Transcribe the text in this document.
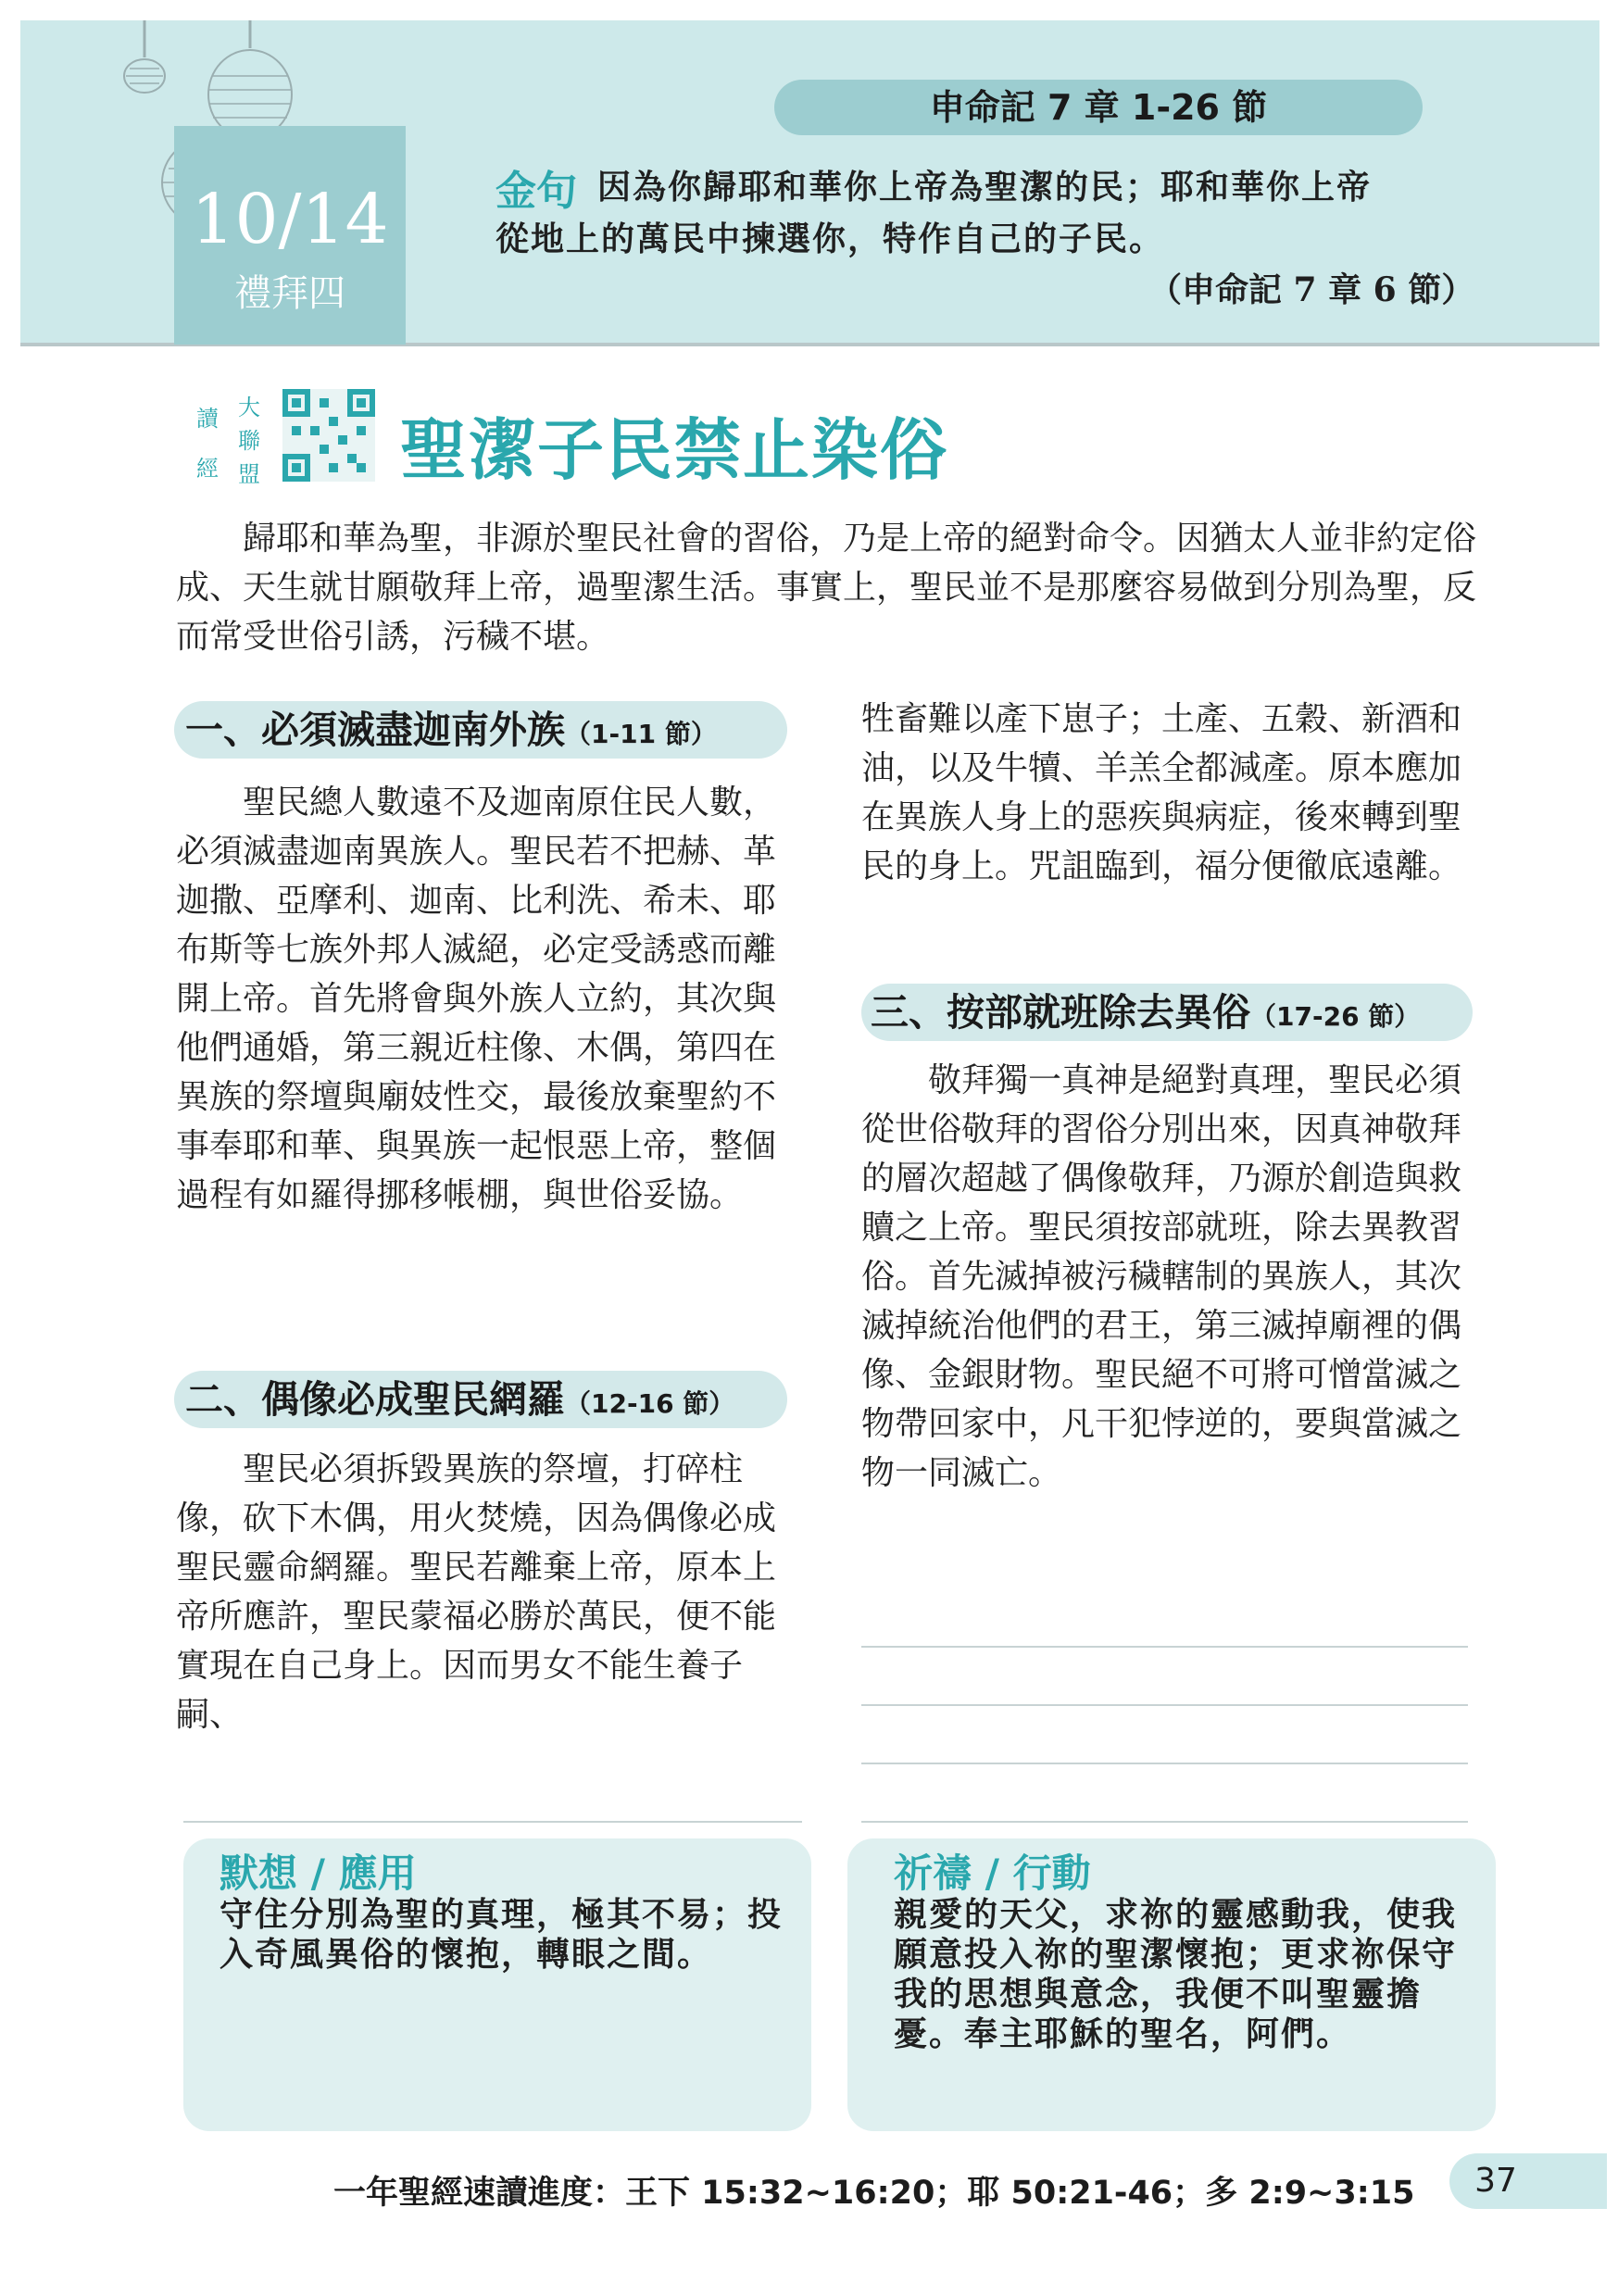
10/14
禮拜四
申命記 7 章 1-26 節
金句 因為你歸耶和華你上帝為聖潔的民；耶和華你上帝
從地上的萬民中揀選你，特作自己的子民。
（申命記 7 章 6 節）
讀
經
大
聯
盟 聖潔子民禁止染俗
歸耶和華為聖，非源於聖民社會的習俗，乃是上帝的絕對命令。因猶太人並非約定俗成、天生就甘願敬拜上帝，過聖潔生活。事實上，聖民並不是那麼容易做到分別為聖，反而常受世俗引誘，污穢不堪。
一、必須滅盡迦南外族（1-11 節）
聖民總人數遠不及迦南原住民人數，必須滅盡迦南異族人。聖民若不把赫、革迦撒、亞摩利、迦南、比利洗、希未、耶布斯等七族外邦人滅絕，必定受誘惑而離開上帝。首先將會與外族人立約，其次與他們通婚，第三親近柱像、木偶，第四在異族的祭壇與廟妓性交，最後放棄聖約不事奉耶和華、與異族一起恨惡上帝，整個過程有如羅得挪移帳棚，與世俗妥協。
二、偶像必成聖民網羅（12-16 節）
聖民必須拆毀異族的祭壇，打碎柱像，砍下木偶，用火焚燒，因為偶像必成聖民靈命網羅。聖民若離棄上帝，原本上帝所應許，聖民蒙福必勝於萬民，便不能實現在自己身上。因而男女不能生養子嗣、
牲畜難以產下崽子；土產、五穀、新酒和油，以及牛犢、羊羔全都減產。原本應加在異族人身上的惡疾與病症，後來轉到聖民的身上。咒詛臨到，福分便徹底遠離。
三、按部就班除去異俗（17-26 節）
敬拜獨一真神是絕對真理，聖民必須從世俗敬拜的習俗分別出來，因真神敬拜的層次超越了偶像敬拜，乃源於創造與救贖之上帝。聖民須按部就班，除去異教習俗。首先滅掉被污穢轄制的異族人，其次滅掉統治他們的君王，第三滅掉廟裡的偶像、金銀財物。聖民絕不可將可憎當滅之物帶回家中，凡干犯悖逆的，要與當滅之物一同滅亡。
默想 / 應用
守住分別為聖的真理，極其不易；投入奇風異俗的懷抱，轉眼之間。
祈禱 / 行動
親愛的天父，求祢的靈感動我，使我願意投入祢的聖潔懷抱；更求祢保守我的思想與意念，我便不叫聖靈擔憂。奉主耶穌的聖名，阿們。
一年聖經速讀進度：王下 15:32~16:20；耶 50:21-46；多 2:9~3:15	37
